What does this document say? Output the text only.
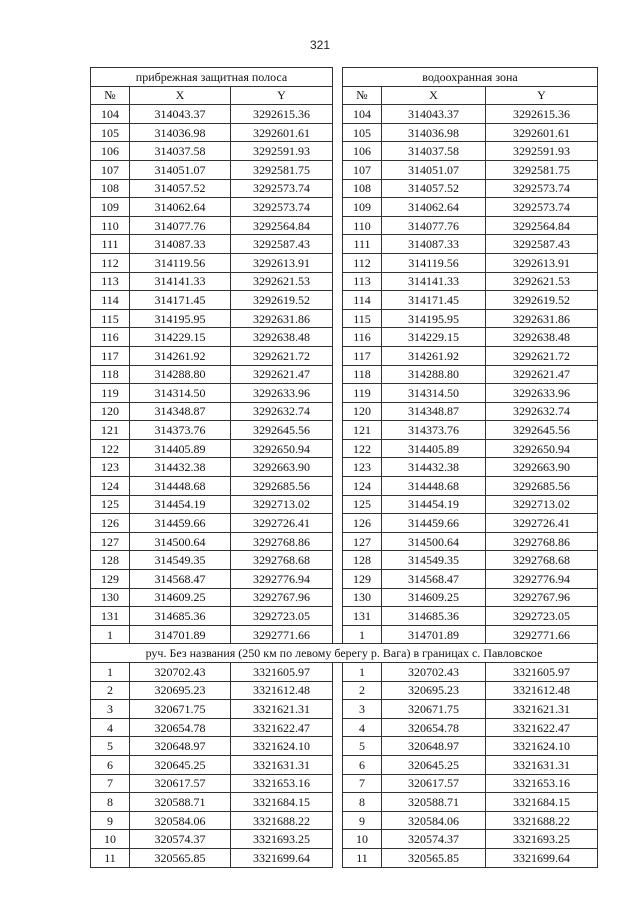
321
прибрежная защитная полоса				водоохранная зона		
№	X	Y		№	X	Y
104	314043.37	3292615.36		104	314043.37	3292615.36
105	314036.98	3292601.61		105	314036.98	3292601.61
106	314037.58	3292591.93		106	314037.58	3292591.93
107	314051.07	3292581.75		107	314051.07	3292581.75
108	314057.52	3292573.74		108	314057.52	3292573.74
109	314062.64	3292573.74		109	314062.64	3292573.74
110	314077.76	3292564.84		110	314077.76	3292564.84
111	314087.33	3292587.43		111	314087.33	3292587.43
112	314119.56	3292613.91		112	314119.56	3292613.91
113	314141.33	3292621.53		113	314141.33	3292621.53
114	314171.45	3292619.52		114	314171.45	3292619.52
115	314195.95	3292631.86		115	314195.95	3292631.86
116	314229.15	3292638.48		116	314229.15	3292638.48
117	314261.92	3292621.72		117	314261.92	3292621.72
118	314288.80	3292621.47		118	314288.80	3292621.47
119	314314.50	3292633.96		119	314314.50	3292633.96
120	314348.87	3292632.74		120	314348.87	3292632.74
121	314373.76	3292645.56		121	314373.76	3292645.56
122	314405.89	3292650.94		122	314405.89	3292650.94
123	314432.38	3292663.90		123	314432.38	3292663.90
124	314448.68	3292685.56		124	314448.68	3292685.56
125	314454.19	3292713.02		125	314454.19	3292713.02
126	314459.66	3292726.41		126	314459.66	3292726.41
127	314500.64	3292768.86		127	314500.64	3292768.86
128	314549.35	3292768.68		128	314549.35	3292768.68
129	314568.47	3292776.94		129	314568.47	3292776.94
130	314609.25	3292767.96		130	314609.25	3292767.96
131	314685.36	3292723.05		131	314685.36	3292723.05
1	314701.89	3292771.66		1	314701.89	3292771.66
руч. Без названия (250 км по левому берегу р. Вага) в границах с. Павловское						
1	320702.43	3321605.97		1	320702.43	3321605.97
2	320695.23	3321612.48		2	320695.23	3321612.48
3	320671.75	3321621.31		3	320671.75	3321621.31
4	320654.78	3321622.47		4	320654.78	3321622.47
5	320648.97	3321624.10		5	320648.97	3321624.10
6	320645.25	3321631.31		6	320645.25	3321631.31
7	320617.57	3321653.16		7	320617.57	3321653.16
8	320588.71	3321684.15		8	320588.71	3321684.15
9	320584.06	3321688.22		9	320584.06	3321688.22
10	320574.37	3321693.25		10	320574.37	3321693.25
11	320565.85	3321699.64		11	320565.85	3321699.64
